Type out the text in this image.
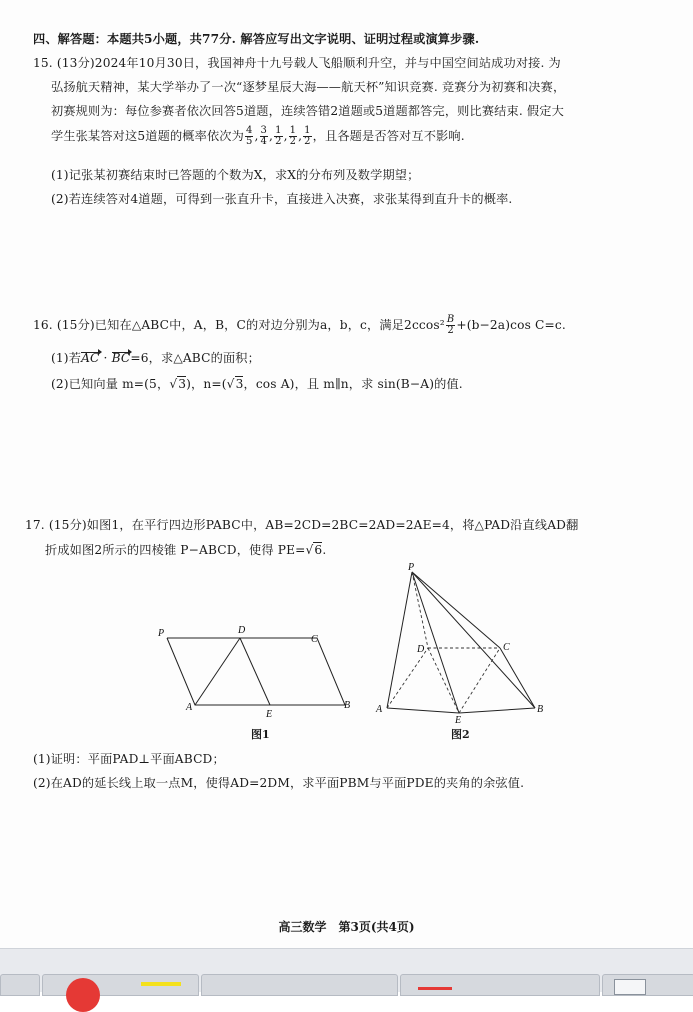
四、解答题：本题共5小题，共77分. 解答应写出文字说明、证明过程或演算步骤.
15. (13分)2024年10月30日，我国神舟十九号载人飞船顺利升空，并与中国空间站成功对接. 为
弘扬航天精神，某大学举办了一次“逐梦星辰大海——航天杯”知识竞赛. 竞赛分为初赛和决赛，
初赛规则为：每位参赛者依次回答5道题，连续答错2道题或5道题都答完，则比赛结束. 假定大
学生张某答对这5道题的概率依次为 $\frac{4}{5}$ , $\frac{3}{4}$ , $\frac{1}{2}$ , $\frac{1}{2}$ , $\frac{1}{2}$ ，且各题是否答对互不影响.
(1)记张某初赛结束时已答题的个数为X，求X的分布列及数学期望；
(2)若连续答对4道题，可得到一张直升卡，直接进入决赛，求张某得到直升卡的概率.
16. (15分)已知在△ABC中，A，B，C的对边分别为a，b，c，满足$2ccos^2 \frac{B}{2} +(b-2a)\cos$ C=c.
(1)若AC · BC=6，求△ABC的面积；
(2)已知向量 m=(5，√3)，n=(√3，cos A)，且 m∥n，求 sin(B−A)的值.
17. (15分)如图1，在平行四边形PABC中，AB=2CD=2BC=2AD=2AE=4，将△PAD沿直线AD翻
折成如图2所示的四棱锥 P−ABCD，使得 PE=√6.
P	D
C
A
E
B
图1
P
D	C
A
E
B
图2
(1)证明：平面PAD⊥平面ABCD；
(2)在AD的延长线上取一点M，使得AD=2DM，求平面PBM与平面PDE的夹角的余弦值.
高三数学　第3页(共4页)
